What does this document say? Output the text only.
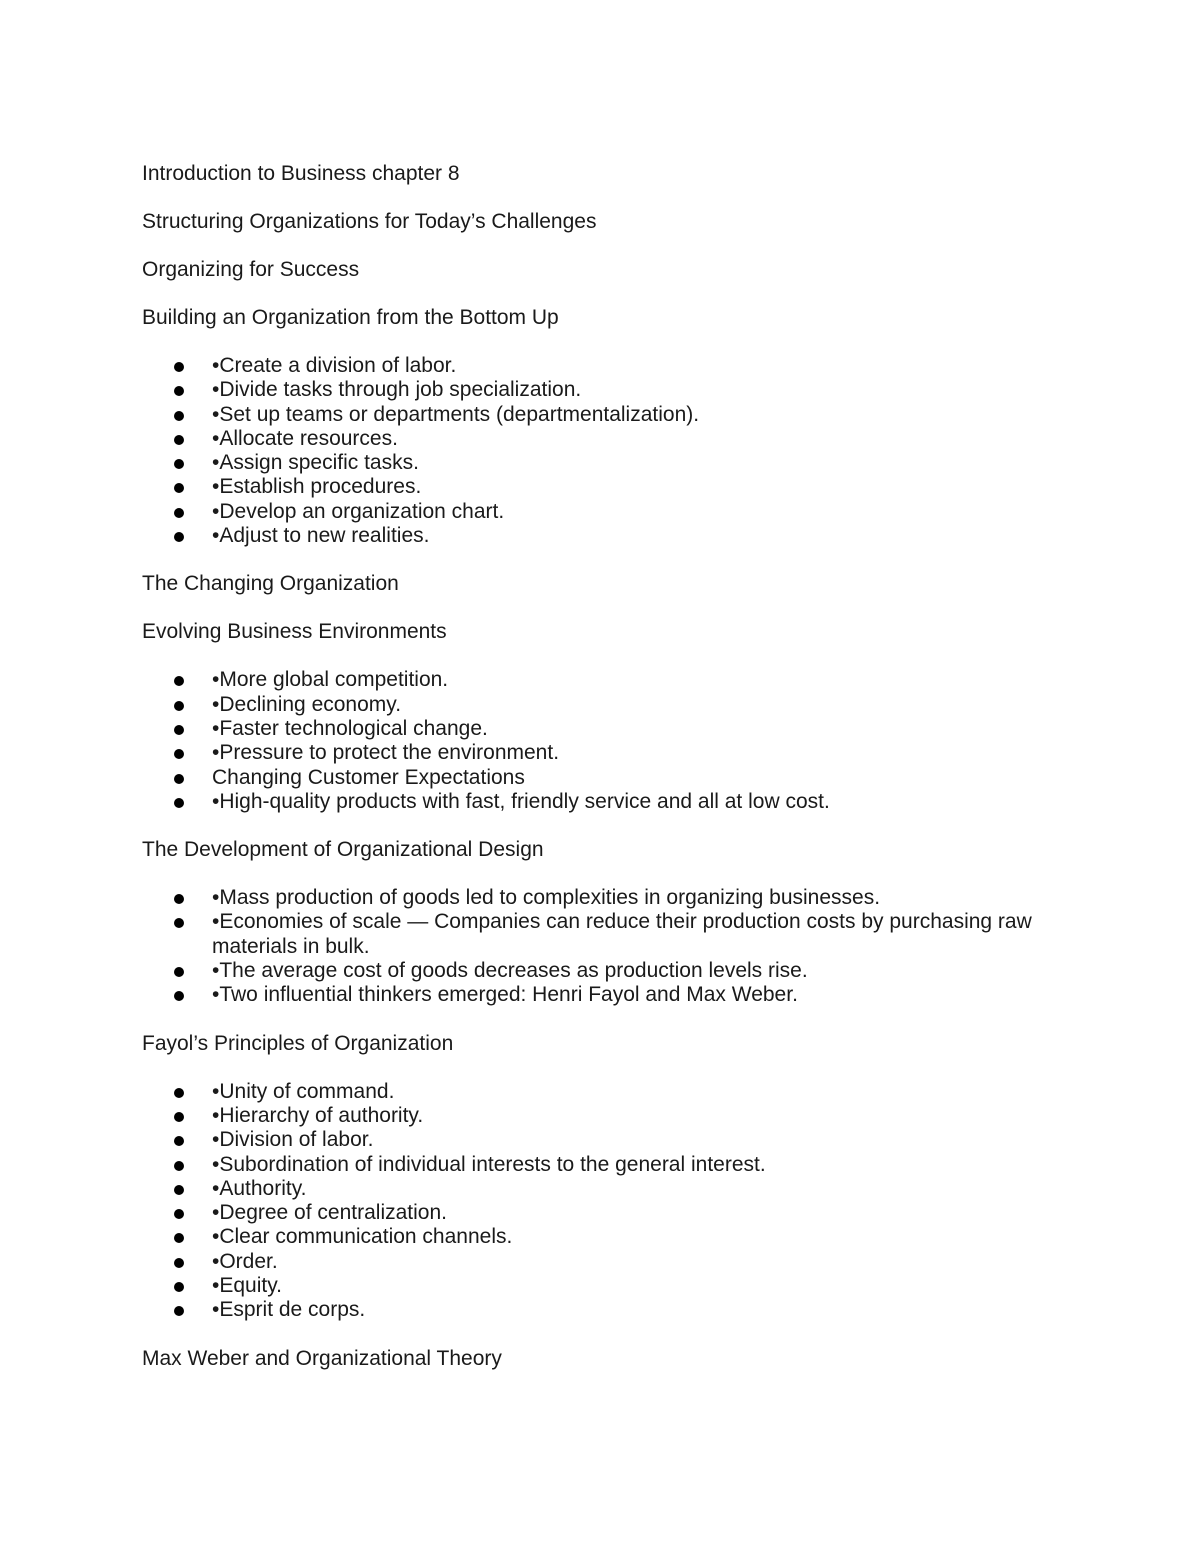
Introduction to Business chapter 8
Structuring Organizations for Today’s Challenges
Organizing for Success
Building an Organization from the Bottom Up
•Create a division of labor.
•Divide tasks through job specialization.
•Set up teams or departments (departmentalization).
•Allocate resources.
•Assign specific tasks.
•Establish procedures.
•Develop an organization chart.
•Adjust to new realities.
The Changing Organization
Evolving Business Environments
•More global competition.
•Declining economy.
•Faster technological change.
•Pressure to protect the environment.
Changing Customer Expectations
•High-quality products with fast, friendly service and all at low cost.
The Development of Organizational Design
•Mass production of goods led to complexities in organizing businesses.
•Economies of scale — Companies can reduce their production costs by purchasing raw materials in bulk.
•The average cost of goods decreases as production levels rise.
•Two influential thinkers emerged: Henri Fayol and Max Weber.
Fayol’s Principles of Organization
•Unity of command.
•Hierarchy of authority.
•Division of labor.
•Subordination of individual interests to the general interest.
•Authority.
•Degree of centralization.
•Clear communication channels.
•Order.
•Equity.
•Esprit de corps.
Max Weber and Organizational Theory
